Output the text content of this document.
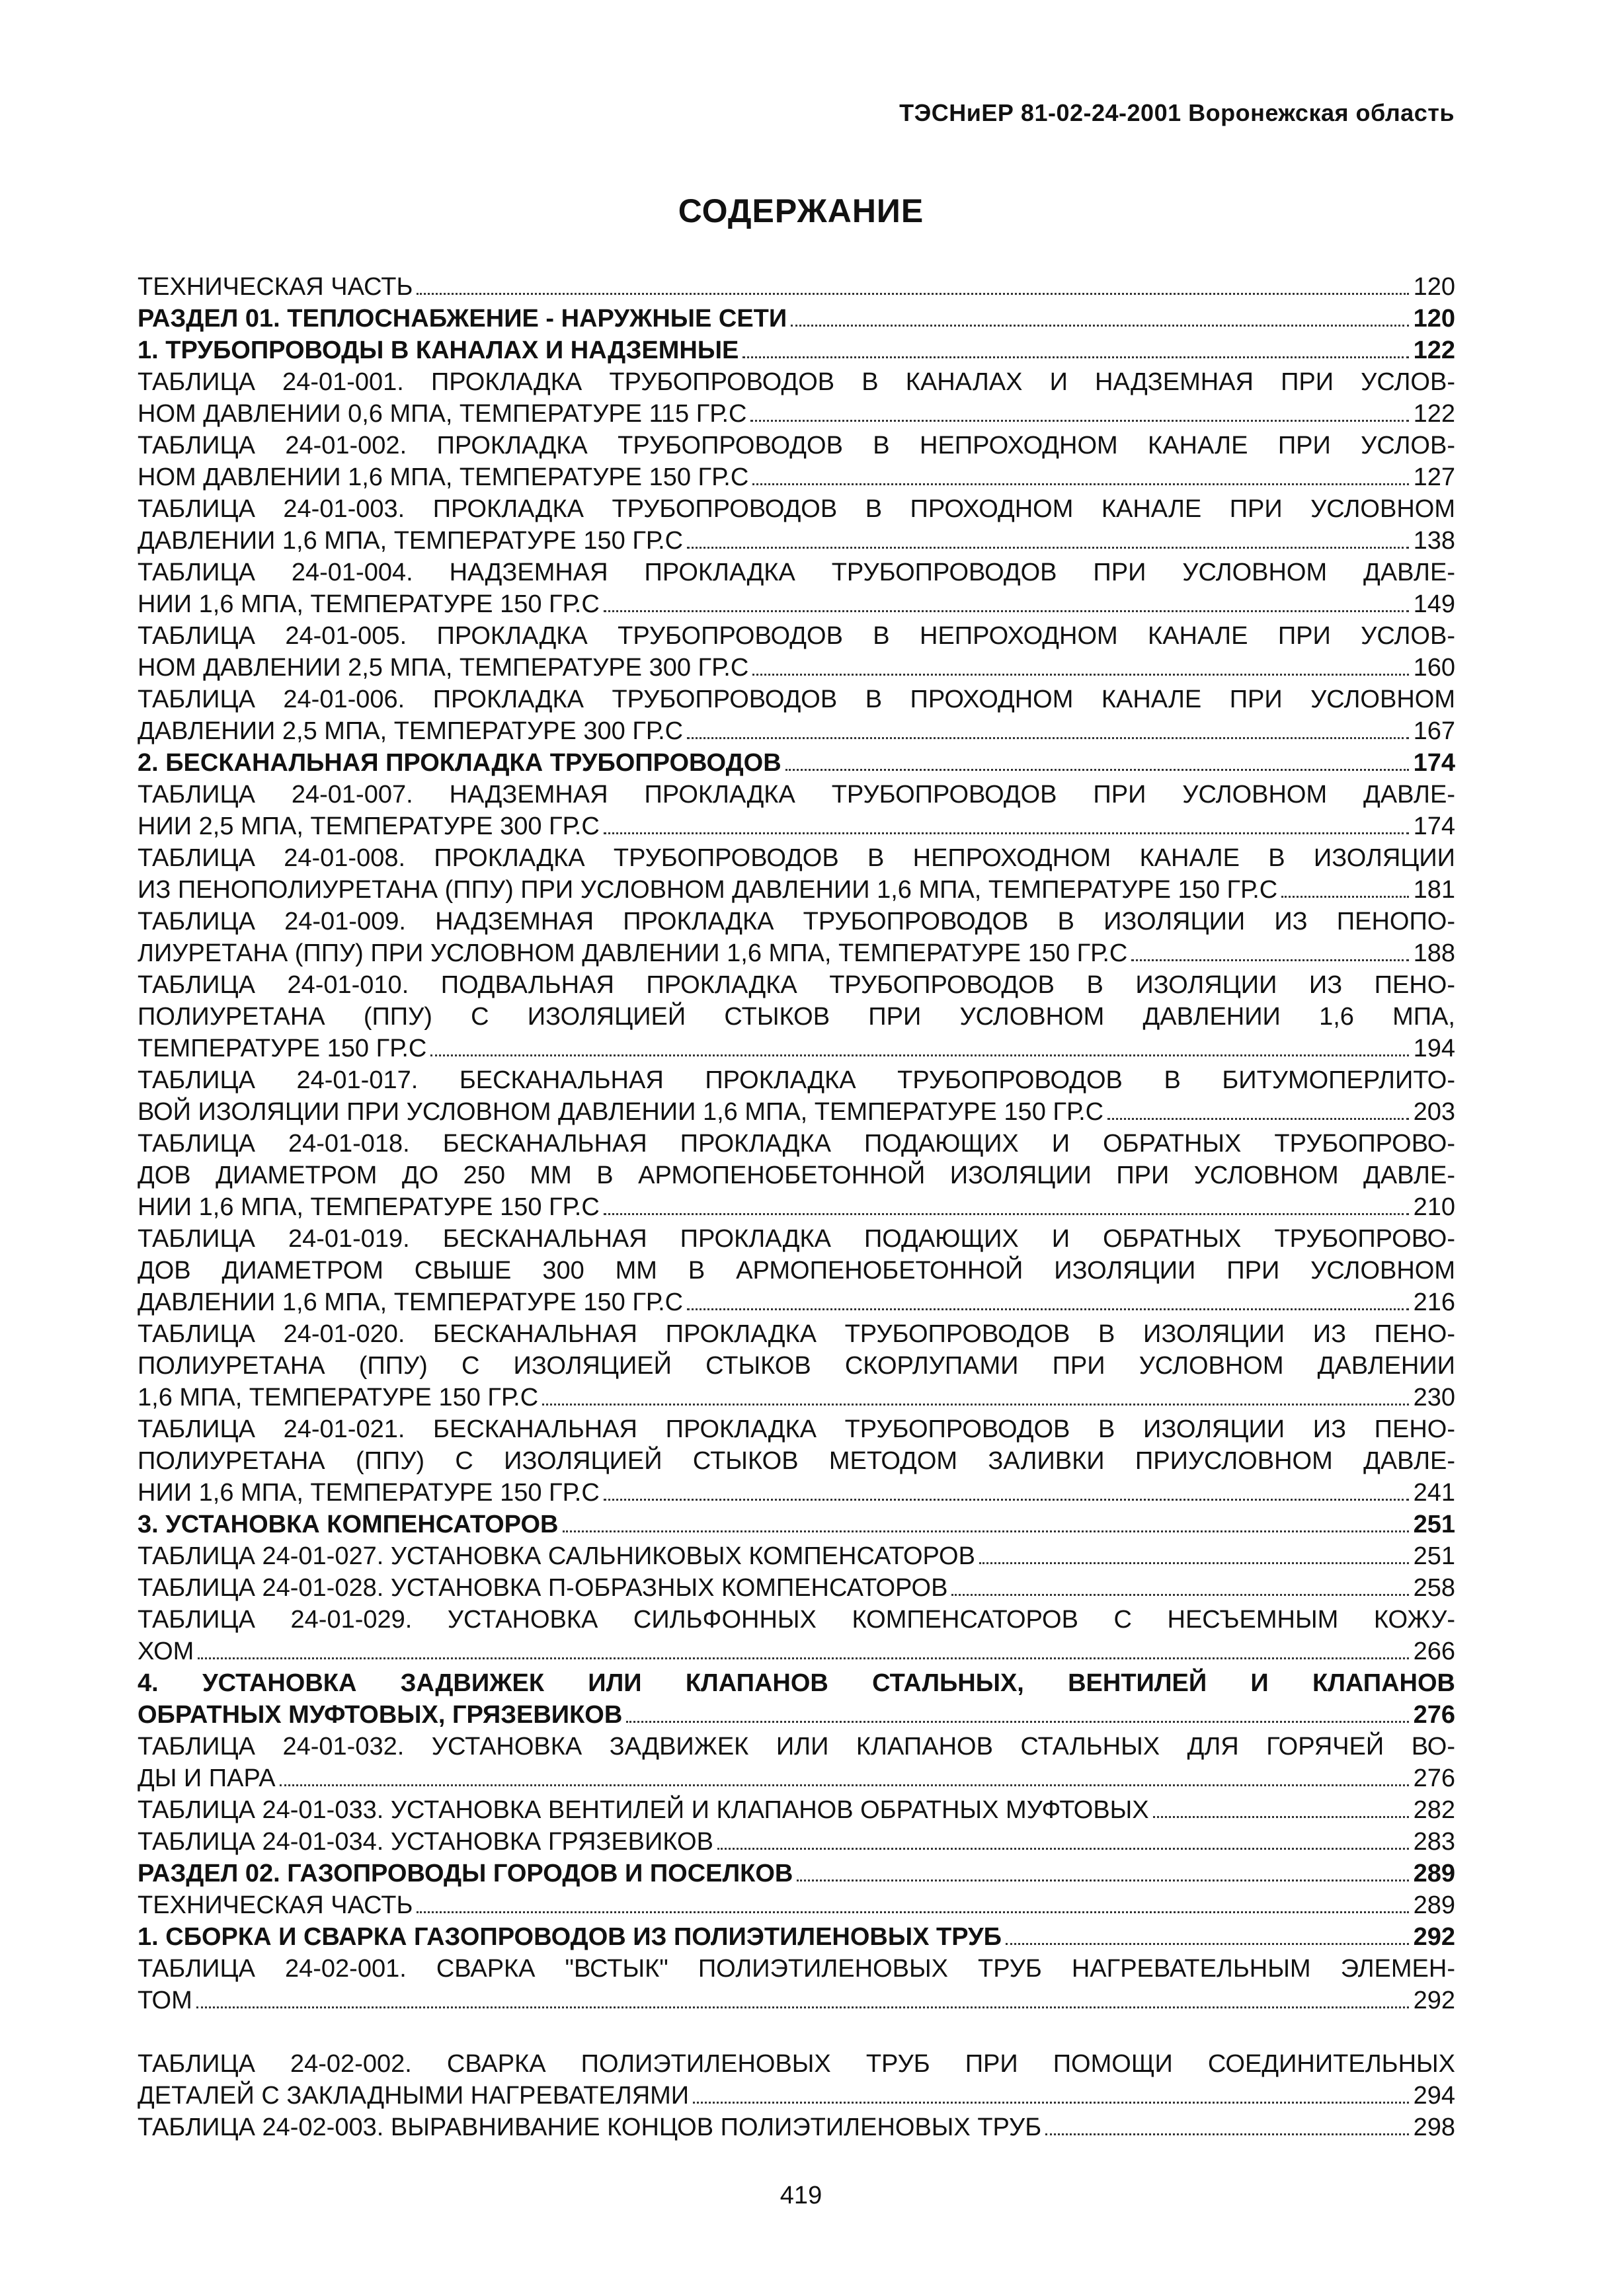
ТЭСНиЕР 81-02-24-2001 Воронежская область
СОДЕРЖАНИЕ
ТЕХНИЧЕСКАЯ ЧАСТЬ	120
РАЗДЕЛ 01. ТЕПЛОСНАБЖЕНИЕ - НАРУЖНЫЕ СЕТИ	120
1. ТРУБОПРОВОДЫ В КАНАЛАХ И НАДЗЕМНЫЕ	122
ТАБЛИЦА 24-01-001. ПРОКЛАДКА ТРУБОПРОВОДОВ В КАНАЛАХ И НАДЗЕМНАЯ ПРИ УСЛОВ-
НОМ ДАВЛЕНИИ 0,6 МПА, ТЕМПЕРАТУРЕ 115 ГР.С	122
ТАБЛИЦА 24-01-002. ПРОКЛАДКА ТРУБОПРОВОДОВ В НЕПРОХОДНОМ КАНАЛЕ ПРИ УСЛОВ-
НОМ ДАВЛЕНИИ 1,6 МПА, ТЕМПЕРАТУРЕ 150 ГР.С	127
ТАБЛИЦА 24-01-003. ПРОКЛАДКА ТРУБОПРОВОДОВ В ПРОХОДНОМ КАНАЛЕ ПРИ УСЛОВНОМ
ДАВЛЕНИИ 1,6 МПА, ТЕМПЕРАТУРЕ 150 ГР.С	138
ТАБЛИЦА 24-01-004. НАДЗЕМНАЯ ПРОКЛАДКА ТРУБОПРОВОДОВ ПРИ УСЛОВНОМ ДАВЛЕ-
НИИ 1,6 МПА, ТЕМПЕРАТУРЕ 150 ГР.С	149
ТАБЛИЦА 24-01-005. ПРОКЛАДКА ТРУБОПРОВОДОВ В НЕПРОХОДНОМ КАНАЛЕ ПРИ УСЛОВ-
НОМ ДАВЛЕНИИ 2,5 МПА, ТЕМПЕРАТУРЕ 300 ГР.С	160
ТАБЛИЦА 24-01-006. ПРОКЛАДКА ТРУБОПРОВОДОВ В ПРОХОДНОМ КАНАЛЕ ПРИ УСЛОВНОМ
ДАВЛЕНИИ 2,5 МПА, ТЕМПЕРАТУРЕ 300 ГР.С	167
2. БЕСКАНАЛЬНАЯ ПРОКЛАДКА ТРУБОПРОВОДОВ	174
ТАБЛИЦА 24-01-007. НАДЗЕМНАЯ ПРОКЛАДКА ТРУБОПРОВОДОВ ПРИ УСЛОВНОМ ДАВЛЕ-
НИИ 2,5 МПА, ТЕМПЕРАТУРЕ 300 ГР.С	174
ТАБЛИЦА 24-01-008. ПРОКЛАДКА ТРУБОПРОВОДОВ В НЕПРОХОДНОМ КАНАЛЕ В ИЗОЛЯЦИИ
ИЗ ПЕНОПОЛИУРЕТАНА (ППУ) ПРИ УСЛОВНОМ ДАВЛЕНИИ 1,6 МПА, ТЕМПЕРАТУРЕ 150 ГР.С	181
ТАБЛИЦА 24-01-009. НАДЗЕМНАЯ ПРОКЛАДКА ТРУБОПРОВОДОВ В ИЗОЛЯЦИИ ИЗ ПЕНОПО-
ЛИУРЕТАНА (ППУ) ПРИ УСЛОВНОМ ДАВЛЕНИИ 1,6 МПА, ТЕМПЕРАТУРЕ 150 ГР.С	188
ТАБЛИЦА 24-01-010. ПОДВАЛЬНАЯ ПРОКЛАДКА ТРУБОПРОВОДОВ В ИЗОЛЯЦИИ ИЗ ПЕНО-
ПОЛИУРЕТАНА (ППУ) С ИЗОЛЯЦИЕЙ СТЫКОВ ПРИ УСЛОВНОМ ДАВЛЕНИИ 1,6 МПА,
ТЕМПЕРАТУРЕ 150 ГР.С	194
ТАБЛИЦА 24-01-017. БЕСКАНАЛЬНАЯ ПРОКЛАДКА ТРУБОПРОВОДОВ В БИТУМОПЕРЛИТО-
ВОЙ ИЗОЛЯЦИИ ПРИ УСЛОВНОМ ДАВЛЕНИИ 1,6 МПА, ТЕМПЕРАТУРЕ 150 ГР.С	203
ТАБЛИЦА 24-01-018. БЕСКАНАЛЬНАЯ ПРОКЛАДКА ПОДАЮЩИХ И ОБРАТНЫХ ТРУБОПРОВО-
ДОВ ДИАМЕТРОМ ДО 250 ММ В АРМОПЕНОБЕТОННОЙ ИЗОЛЯЦИИ ПРИ УСЛОВНОМ ДАВЛЕ-
НИИ 1,6 МПА, ТЕМПЕРАТУРЕ 150 ГР.С	210
ТАБЛИЦА 24-01-019. БЕСКАНАЛЬНАЯ ПРОКЛАДКА ПОДАЮЩИХ И ОБРАТНЫХ ТРУБОПРОВО-
ДОВ ДИАМЕТРОМ СВЫШЕ 300 ММ В АРМОПЕНОБЕТОННОЙ ИЗОЛЯЦИИ ПРИ УСЛОВНОМ
ДАВЛЕНИИ 1,6 МПА, ТЕМПЕРАТУРЕ 150 ГР.С	216
ТАБЛИЦА 24-01-020. БЕСКАНАЛЬНАЯ ПРОКЛАДКА ТРУБОПРОВОДОВ В ИЗОЛЯЦИИ ИЗ ПЕНО-
ПОЛИУРЕТАНА (ППУ) С ИЗОЛЯЦИЕЙ СТЫКОВ СКОРЛУПАМИ ПРИ УСЛОВНОМ ДАВЛЕНИИ
1,6 МПА, ТЕМПЕРАТУРЕ 150 ГР.С	230
ТАБЛИЦА 24-01-021. БЕСКАНАЛЬНАЯ ПРОКЛАДКА ТРУБОПРОВОДОВ В ИЗОЛЯЦИИ ИЗ ПЕНО-
ПОЛИУРЕТАНА (ППУ) С ИЗОЛЯЦИЕЙ СТЫКОВ МЕТОДОМ ЗАЛИВКИ ПРИУСЛОВНОМ ДАВЛЕ-
НИИ 1,6 МПА, ТЕМПЕРАТУРЕ 150 ГР.С	241
3. УСТАНОВКА КОМПЕНСАТОРОВ	251
ТАБЛИЦА 24-01-027. УСТАНОВКА САЛЬНИКОВЫХ КОМПЕНСАТОРОВ	251
ТАБЛИЦА 24-01-028. УСТАНОВКА П-ОБРАЗНЫХ КОМПЕНСАТОРОВ	258
ТАБЛИЦА 24-01-029. УСТАНОВКА СИЛЬФОННЫХ КОМПЕНСАТОРОВ С НЕСЪЕМНЫМ КОЖУ-
ХОМ	266
4. УСТАНОВКА ЗАДВИЖЕК ИЛИ КЛАПАНОВ СТАЛЬНЫХ, ВЕНТИЛЕЙ И КЛАПАНОВ
ОБРАТНЫХ МУФТОВЫХ, ГРЯЗЕВИКОВ	276
ТАБЛИЦА 24-01-032. УСТАНОВКА ЗАДВИЖЕК ИЛИ КЛАПАНОВ СТАЛЬНЫХ ДЛЯ ГОРЯЧЕЙ ВО-
ДЫ И ПАРА	276
ТАБЛИЦА 24-01-033. УСТАНОВКА ВЕНТИЛЕЙ И КЛАПАНОВ ОБРАТНЫХ МУФТОВЫХ	282
ТАБЛИЦА 24-01-034. УСТАНОВКА ГРЯЗЕВИКОВ	283
РАЗДЕЛ 02. ГАЗОПРОВОДЫ ГОРОДОВ И ПОСЕЛКОВ	289
ТЕХНИЧЕСКАЯ ЧАСТЬ	289
1. СБОРКА И СВАРКА ГАЗОПРОВОДОВ ИЗ ПОЛИЭТИЛЕНОВЫХ ТРУБ	292
ТАБЛИЦА 24-02-001. СВАРКА "ВСТЫК" ПОЛИЭТИЛЕНОВЫХ ТРУБ НАГРЕВАТЕЛЬНЫМ ЭЛЕМЕН-
ТОМ	292
ТАБЛИЦА 24-02-002. СВАРКА ПОЛИЭТИЛЕНОВЫХ ТРУБ ПРИ ПОМОЩИ СОЕДИНИТЕЛЬНЫХ
ДЕТАЛЕЙ С ЗАКЛАДНЫМИ НАГРЕВАТЕЛЯМИ	294
ТАБЛИЦА 24-02-003. ВЫРАВНИВАНИЕ КОНЦОВ ПОЛИЭТИЛЕНОВЫХ ТРУБ	298
419
